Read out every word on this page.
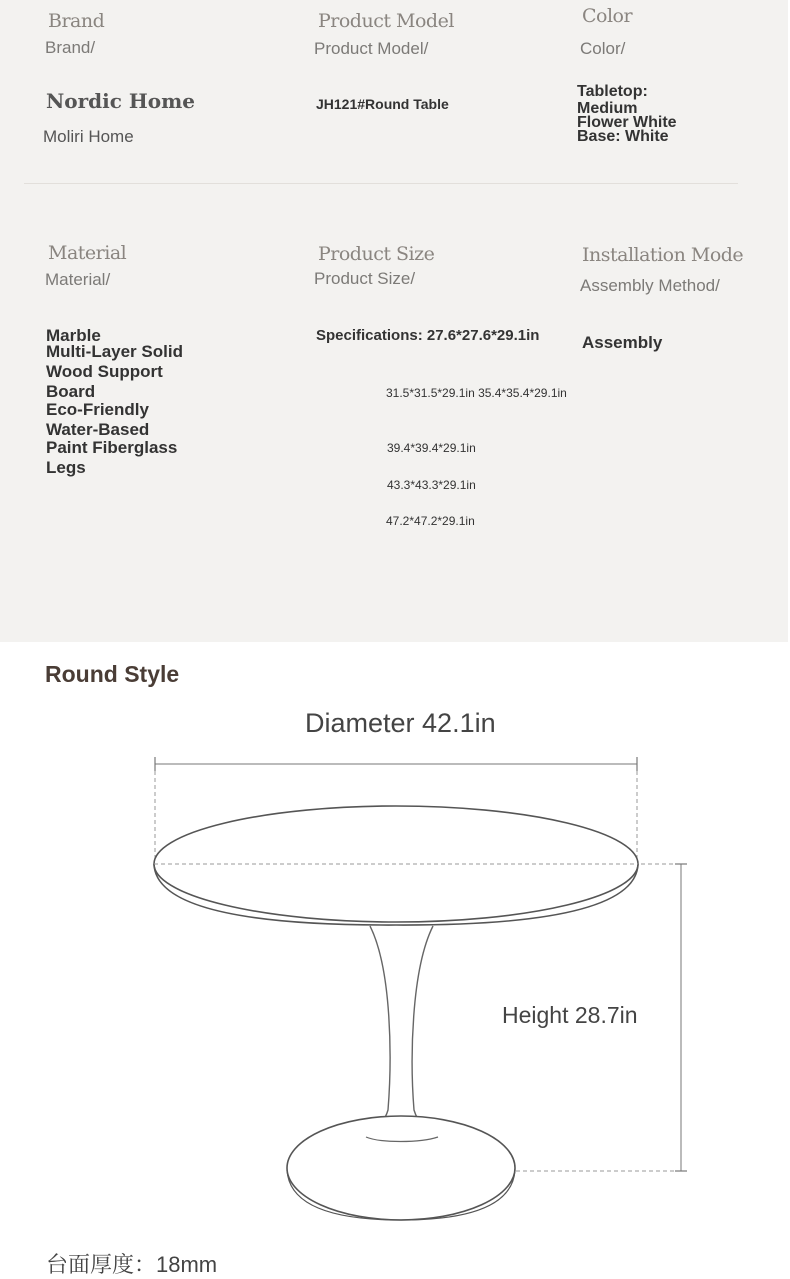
Brand
Brand/
Nordic Home
Moliri Home
Product Model
Product Model/
JH121#Round Table
Color
Color/
Tabletop:
Medium
Flower White
Base: White
Material
Material/
Marble
Multi-Layer Solid
Wood Support
Board
Eco-Friendly
Water-Based
Paint Fiberglass
Legs
Product Size
Product Size/
Specifications: 27.6*27.6*29.1in
31.5*31.5*29.1in 35.4*35.4*29.1in
39.4*39.4*29.1in
43.3*43.3*29.1in
47.2*47.2*29.1in
Installation Mode
Assembly Method/
Assembly
Round Style
Diameter 42.1in
Height 28.7in
台面厚度：18mm
